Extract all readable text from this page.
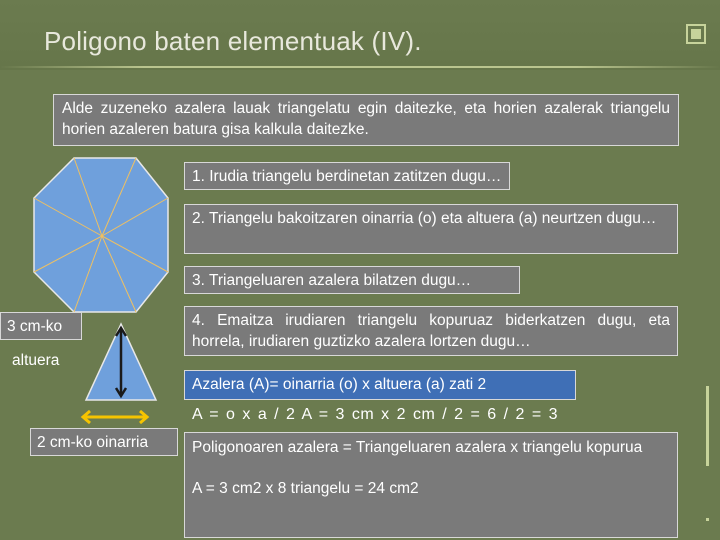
Poligono baten elementuak (IV).
Alde zuzeneko azalera lauak triangelatu egin daitezke, eta horien azalerak triangelu horien azaleren batura gisa kalkula daitezke.
1. Irudia triangelu berdinetan zatitzen dugu…
2. Triangelu bakoitzaren oinarria (o) eta altuera (a) neurtzen dugu…
3. Triangeluaren azalera bilatzen dugu…
4. Emaitza irudiaren triangelu kopuruaz biderkatzen dugu, eta horrela, irudiaren guztizko azalera lortzen dugu…
3 cm-ko
altuera
2 cm-ko oinarria
Azalera (A)= oinarria (o) x altuera (a) zati 2
A = o x a / 2 A = 3 cm x 2 cm / 2 = 6 / 2 = 3
Poligonoaren azalera = Triangeluaren azalera x triangelu kopurua
A = 3 cm2 x 8 triangelu = 24 cm2
